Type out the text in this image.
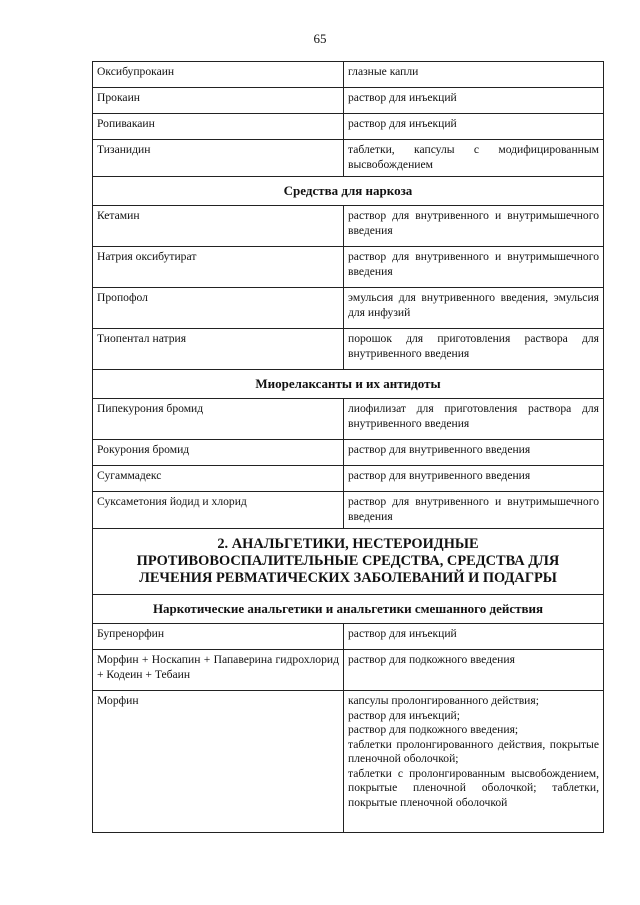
65
Оксибупрокаин	глазные капли
Прокаин	раствор для инъекций
Ропивакаин	раствор для инъекций
Тизанидин	таблетки, капсулы с модифицированным высвобождением
Средства для наркоза	
Кетамин	раствор для внутривенного и внутримышечного введения
Натрия оксибутират	раствор для внутривенного и внутримышечного введения
Пропофол	эмульсия для внутривенного введения, эмульсия для инфузий
Тиопентал натрия	порошок для приготовления раствора для внутривенного введения
Миорелаксанты и их антидоты	
Пипекурония бромид	лиофилизат для приготовления раствора для внутривенного введения
Рокурония бромид	раствор для внутривенного введения
Сугаммадекс	раствор для внутривенного введения
Суксаметония йодид и хлорид	раствор для внутривенного и внутримышечного введения
2. АНАЛЬГЕТИКИ, НЕСТЕРОИДНЫЕ ПРОТИВОВОСПАЛИТЕЛЬНЫЕ СРЕДСТВА, СРЕДСТВА ДЛЯ ЛЕЧЕНИЯ РЕВМАТИЧЕСКИХ ЗАБОЛЕВАНИЙ И ПОДАГРЫ	
Наркотические анальгетики и анальгетики смешанного действия	
Бупренорфин	раствор для инъекций
Морфин + Носкапин + Папаверина гидрохлорид + Кодеин + Тебаин	раствор для подкожного введения
Морфин	капсулы пролонгированного действия;
раствор для инъекций;
раствор для подкожного введения;
таблетки пролонгированного действия, покрытые пленочной оболочкой;
таблетки с пролонгированным высвобождением, покрытые пленочной оболочкой; таблетки, покрытые пленочной оболочкой
